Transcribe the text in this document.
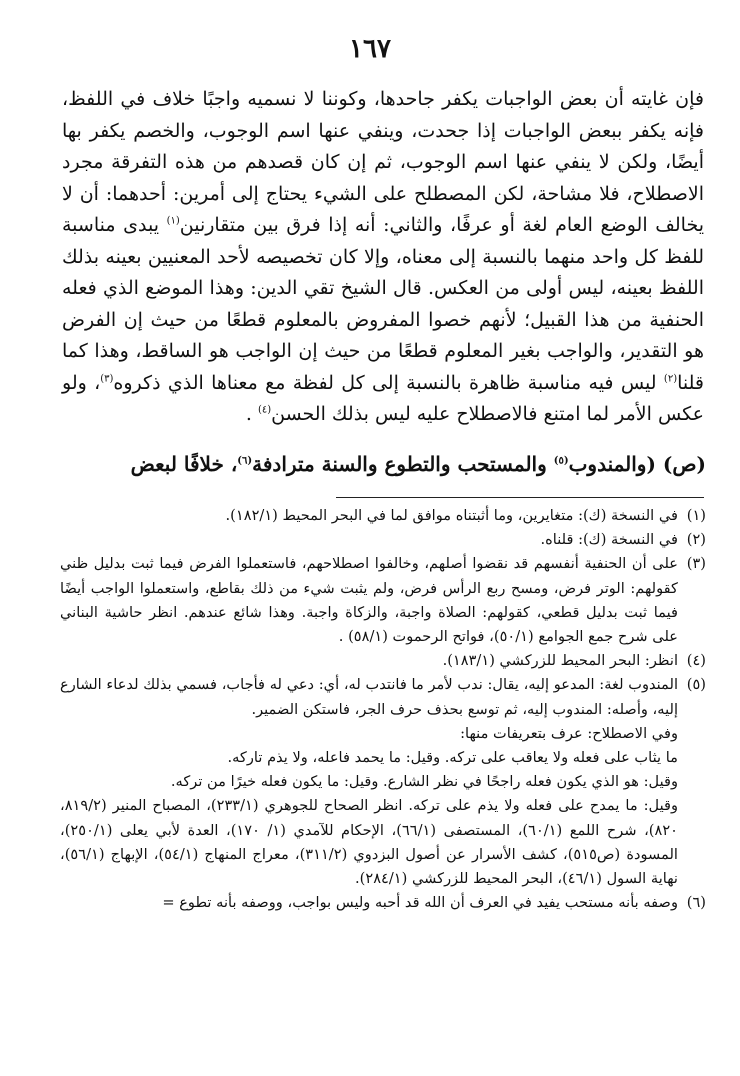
١٦٧

فإن غايته أن بعض الواجبات يكفر جاحدها، وكوننا لا نسميه واجبًا خلاف في اللفظ، فإنه يكفر ببعض الواجبات إذا جحدت، وينفي عنها اسم الوجوب، والخصم يكفر بها أيضًا، ولكن لا ينفي عنها اسم الوجوب، ثم إن كان قصدهم من هذه التفرقة مجرد الاصطلاح، فلا مشاحة، لكن المصطلح على الشيء يحتاج إلى أمرين: أحدهما: أن لا يخالف الوضع العام لغة أو عرفًا، والثاني: أنه إذا فرق بين متقارنين$^{(١)}$ يبدى مناسبة للفظ كل واحد منهما بالنسبة إلى معناه، وإلا كان تخصيصه لأحد المعنيين بعينه بذلك اللفظ بعينه، ليس أولى من العكس. قال الشيخ تقي الدين: وهذا الموضع الذي فعله الحنفية من هذا القبيل؛ لأنهم خصوا المفروض بالمعلوم قطعًا من حيث إن الفرض هو التقدير، والواجب بغير المعلوم قطعًا من حيث إن الواجب هو الساقط، وهذا كما قلنا$^{(٢)}$ ليس فيه مناسبة ظاهرة بالنسبة إلى كل لفظة مع معناها الذي ذكروه$^{(٣)}$، ولو عكس الأمر لما امتنع فالاصطلاح عليه ليس بذلك الحسن$^{(٤)}$ .

(ص) (والمندوب$^{(٥)}$ والمستحب والتطوع والسنة مترادفة$^{(٦)}$، خلافًا لبعض

(١)
في النسخة (ك): متغايرين، وما أثبتناه موافق لما في البحر المحيط (١٨٢/١).
(٢)
في النسخة (ك): قلناه.
(٣)
على أن الحنفية أنفسهم قد نقضوا أصلهم، وخالفوا اصطلاحهم، فاستعملوا الفرض فيما ثبت بدليل ظني كقولهم: الوتر فرض، ومسح ربع الرأس فرض، ولم يثبت شيء من ذلك بقاطع، واستعملوا الواجب أيضًا فيما ثبت بدليل قطعي، كقولهم: الصلاة واجبة، والزكاة واجبة. وهذا شائع عندهم. انظر حاشية البناني على شرح جمع الجوامع (٥٠/١)، فواتح الرحموت (٥٨/١) .
(٤)
انظر: البحر المحيط للزركشي (١٨٣/١).
(٥)
المندوب لغة: المدعو إليه، يقال: ندب لأمر ما فانتدب له، أي: دعي له فأجاب، فسمي بذلك لدعاء الشارع إليه، وأصله: المندوب إليه، ثم توسع بحذف حرف الجر، فاستكن الضمير.
وفي الاصطلاح: عرف بتعريفات منها:
ما يثاب على فعله ولا يعاقب على تركه. وقيل: ما يحمد فاعله، ولا يذم تاركه.
وقيل: هو الذي يكون فعله راجحًا في نظر الشارع. وقيل: ما يكون فعله خيرًا من تركه.
وقيل: ما يمدح على فعله ولا يذم على تركه. انظر الصحاح للجوهري (٢٣٣/١)، المصباح المنير (٨١٩/٢، ٨٢٠)، شرح اللمع (٦٠/١)، المستصفى (٦٦/١)، الإحكام للآمدي (١/ ١٧٠)، العدة لأبي يعلى (٢٥٠/١)، المسودة (ص٥١٥)، كشف الأسرار عن أصول البزدوي (٣١١/٢)، معراج المنهاج (٥٤/١)، الإبهاج (٥٦/١)، نهاية السول (٤٦/١)، البحر المحيط للزركشي (٢٨٤/١).
(٦)
وصفه بأنه مستحب يفيد في العرف أن الله قد أحبه وليس بواجب، ووصفه بأنه تطوع =
